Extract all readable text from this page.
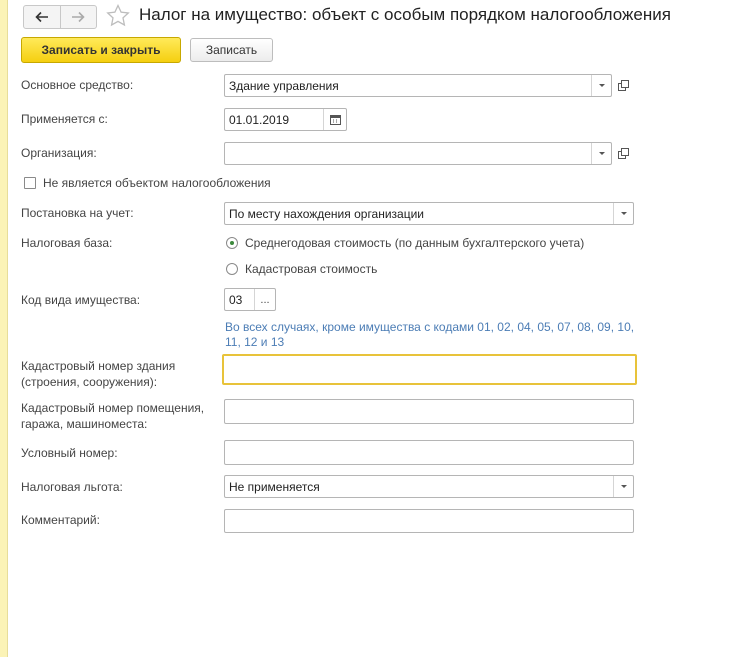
Налог на имущество: объект с особым порядком налогообложения
Записать и закрыть	Записать
Основное средство:	Здание управления
Применяется с:	01.01.2019
Организация:
Не является объектом налогообложения
Постановка на учет:	По месту нахождения организации
Налоговая база:	Среднегодовая стоимость (по данным бухгалтерского учета)
Кадастровая стоимость
Код вида имущества:	03	...
Во всех случаях, кроме имущества с кодами 01, 02, 04, 05, 07, 08, 09, 10, 11, 12 и 13
Кадастровый номер здания
(строения, сооружения):
Кадастровый номер помещения,
гаража, машиноместа:
Условный номер:
Налоговая льгота:	Не применяется
Комментарий:
